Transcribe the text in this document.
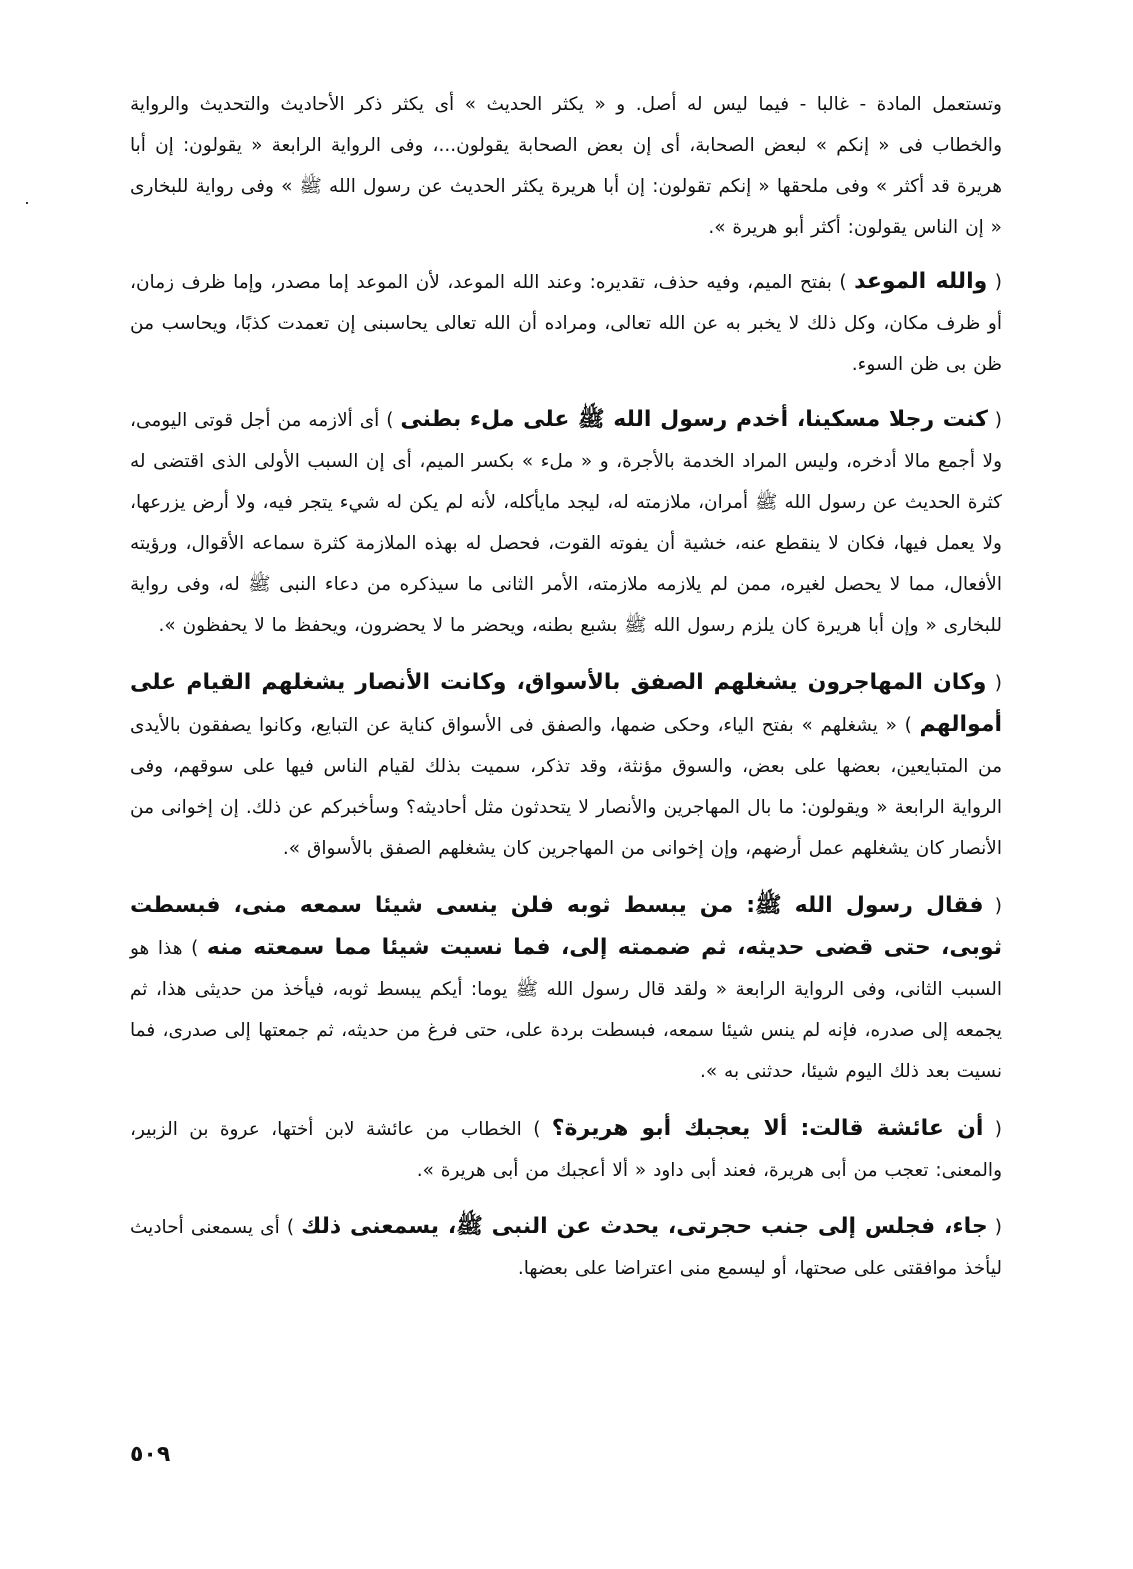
وتستعمل المادة - غالبا - فيما ليس له أصل. و « يكثر الحديث » أى يكثر ذكر الأحاديث والتحديث والرواية والخطاب فى « إنكم » لبعض الصحابة، أى إن بعض الصحابة يقولون...، وفى الرواية الرابعة « يقولون: إن أبا هريرة قد أكثر » وفى ملحقها « إنكم تقولون: إن أبا هريرة يكثر الحديث عن رسول الله ﷺ » وفى رواية للبخارى « إن الناس يقولون: أكثر أبو هريرة ».

( والله الموعد ) بفتح الميم، وفيه حذف، تقديره: وعند الله الموعد، لأن الموعد إما مصدر، وإما ظرف زمان، أو ظرف مكان، وكل ذلك لا يخبر به عن الله تعالى، ومراده أن الله تعالى يحاسبنى إن تعمدت كذبًا، ويحاسب من ظن بى ظن السوء.

( كنت رجلا مسكينا، أخدم رسول الله ﷺ على ملء بطنى ) أى ألازمه من أجل قوتى اليومى، ولا أجمع مالا أدخره، وليس المراد الخدمة بالأجرة، و « ملء » بكسر الميم، أى إن السبب الأولى الذى اقتضى له كثرة الحديث عن رسول الله ﷺ أمران، ملازمته له، ليجد مايأكله، لأنه لم يكن له شيء يتجر فيه، ولا أرض يزرعها، ولا يعمل فيها، فكان لا ينقطع عنه، خشية أن يفوته القوت، فحصل له بهذه الملازمة كثرة سماعه الأقوال، ورؤيته الأفعال، مما لا يحصل لغيره، ممن لم يلازمه ملازمته، الأمر الثانى ما سيذكره من دعاء النبى ﷺ له، وفى رواية للبخارى « وإن أبا هريرة كان يلزم رسول الله ﷺ بشبع بطنه، ويحضر ما لا يحضرون، ويحفظ ما لا يحفظون ».

( وكان المهاجرون يشغلهم الصفق بالأسواق، وكانت الأنصار يشغلهم القيام على أموالهم ) « يشغلهم » بفتح الياء، وحكى ضمها، والصفق فى الأسواق كناية عن التبايع، وكانوا يصفقون بالأيدى من المتبايعين، بعضها على بعض، والسوق مؤنثة، وقد تذكر، سميت بذلك لقيام الناس فيها على سوقهم، وفى الرواية الرابعة « ويقولون: ما بال المهاجرين والأنصار لا يتحدثون مثل أحاديثه؟ وسأخبركم عن ذلك. إن إخوانى من الأنصار كان يشغلهم عمل أرضهم، وإن إخوانى من المهاجرين كان يشغلهم الصفق بالأسواق ».

( فقال رسول الله ﷺ: من يبسط ثوبه فلن ينسى شيئا سمعه منى، فبسطت ثوبى، حتى قضى حديثه، ثم ضممته إلى، فما نسيت شيئا مما سمعته منه ) هذا هو السبب الثانى، وفى الرواية الرابعة « ولقد قال رسول الله ﷺ يوما: أيكم يبسط ثوبه، فيأخذ من حديثى هذا، ثم يجمعه إلى صدره، فإنه لم ينس شيئا سمعه، فبسطت بردة على، حتى فرغ من حديثه، ثم جمعتها إلى صدرى، فما نسيت بعد ذلك اليوم شيئا، حدثنى به ».

( أن عائشة قالت: ألا يعجبك أبو هريرة؟ ) الخطاب من عائشة لابن أختها، عروة بن الزبير، والمعنى: تعجب من أبى هريرة، فعند أبى داود « ألا أعجبك من أبى هريرة ».

( جاء، فجلس إلى جنب حجرتى، يحدث عن النبى ﷺ، يسمعنى ذلك ) أى يسمعنى أحاديث ليأخذ موافقتى على صحتها، أو ليسمع منى اعتراضا على بعضها.

٥٠٩
